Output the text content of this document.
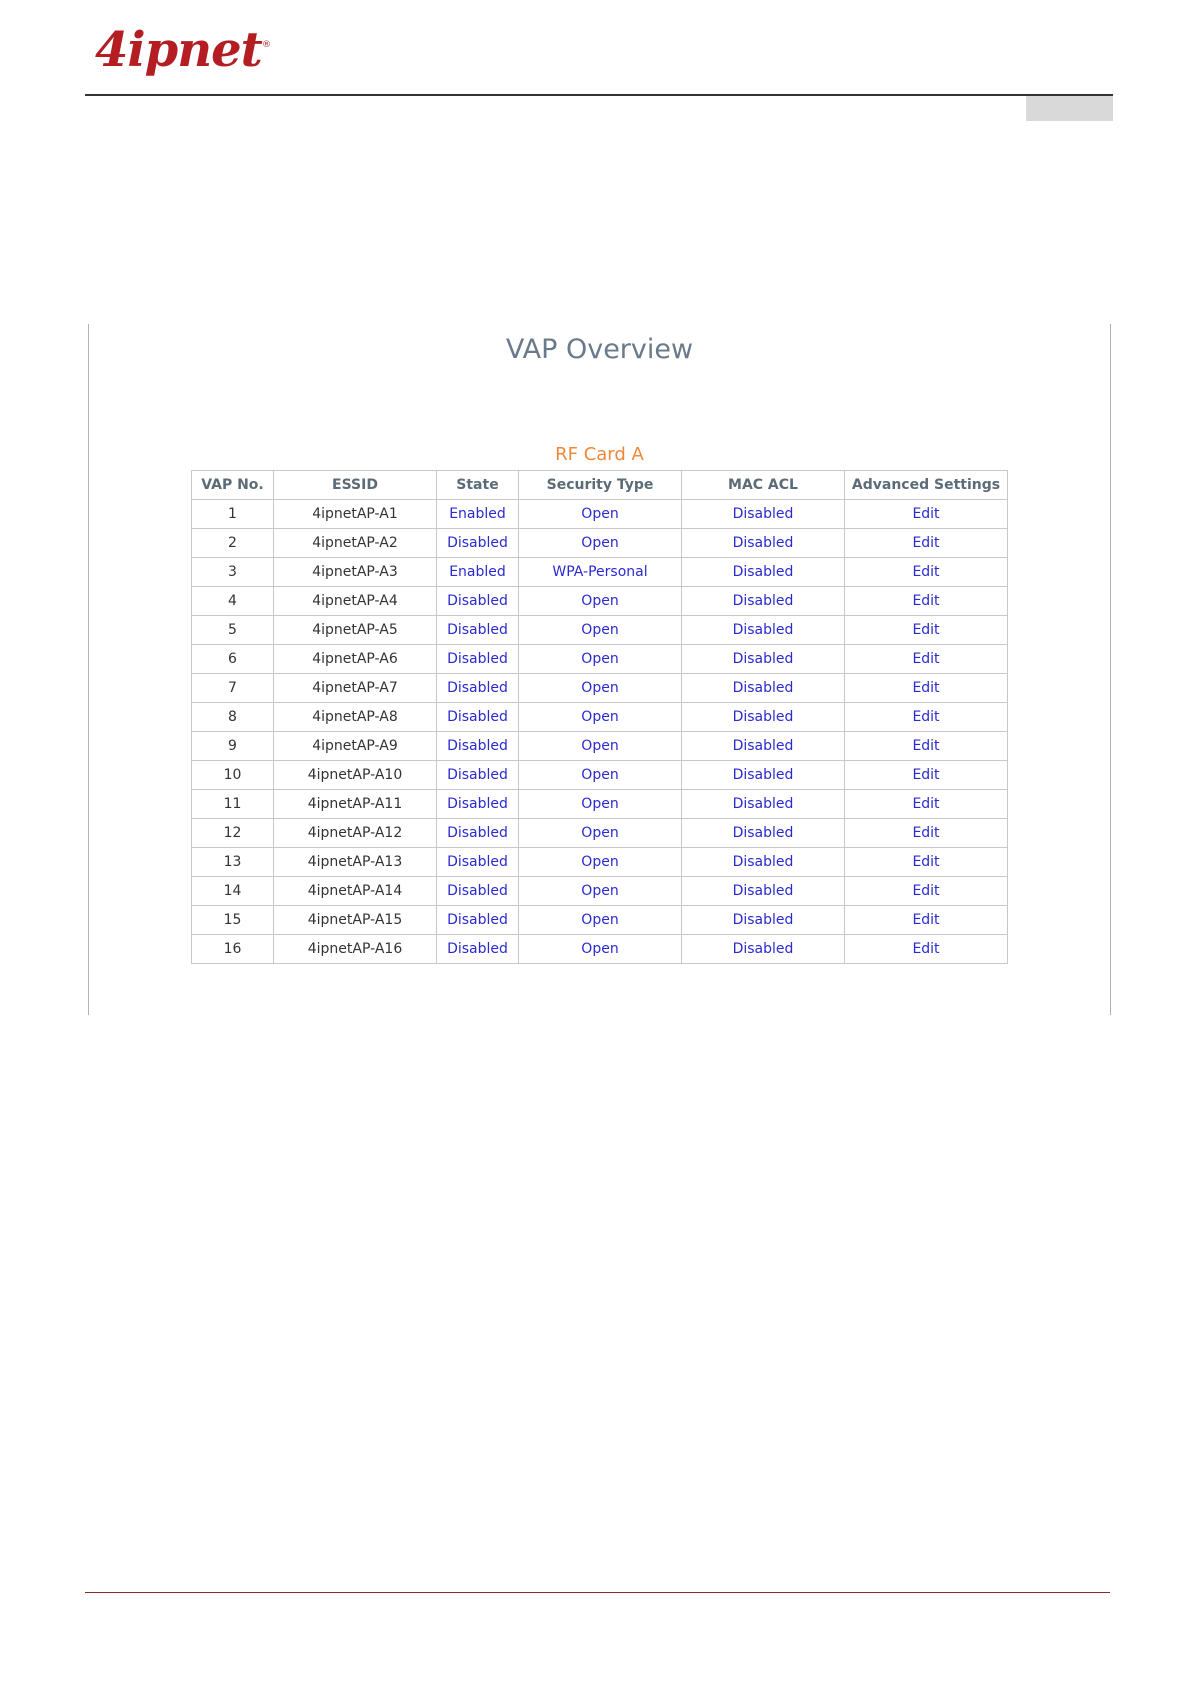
4ipnet ®
VAP Overview
RF Card A
VAP No.	ESSID	State	Security Type	MAC ACL	Advanced Settings
1	4ipnetAP-A1	Enabled	Open	Disabled	Edit
2	4ipnetAP-A2	Disabled	Open	Disabled	Edit
3	4ipnetAP-A3	Enabled	WPA-Personal	Disabled	Edit
4	4ipnetAP-A4	Disabled	Open	Disabled	Edit
5	4ipnetAP-A5	Disabled	Open	Disabled	Edit
6	4ipnetAP-A6	Disabled	Open	Disabled	Edit
7	4ipnetAP-A7	Disabled	Open	Disabled	Edit
8	4ipnetAP-A8	Disabled	Open	Disabled	Edit
9	4ipnetAP-A9	Disabled	Open	Disabled	Edit
10	4ipnetAP-A10	Disabled	Open	Disabled	Edit
11	4ipnetAP-A11	Disabled	Open	Disabled	Edit
12	4ipnetAP-A12	Disabled	Open	Disabled	Edit
13	4ipnetAP-A13	Disabled	Open	Disabled	Edit
14	4ipnetAP-A14	Disabled	Open	Disabled	Edit
15	4ipnetAP-A15	Disabled	Open	Disabled	Edit
16	4ipnetAP-A16	Disabled	Open	Disabled	Edit
